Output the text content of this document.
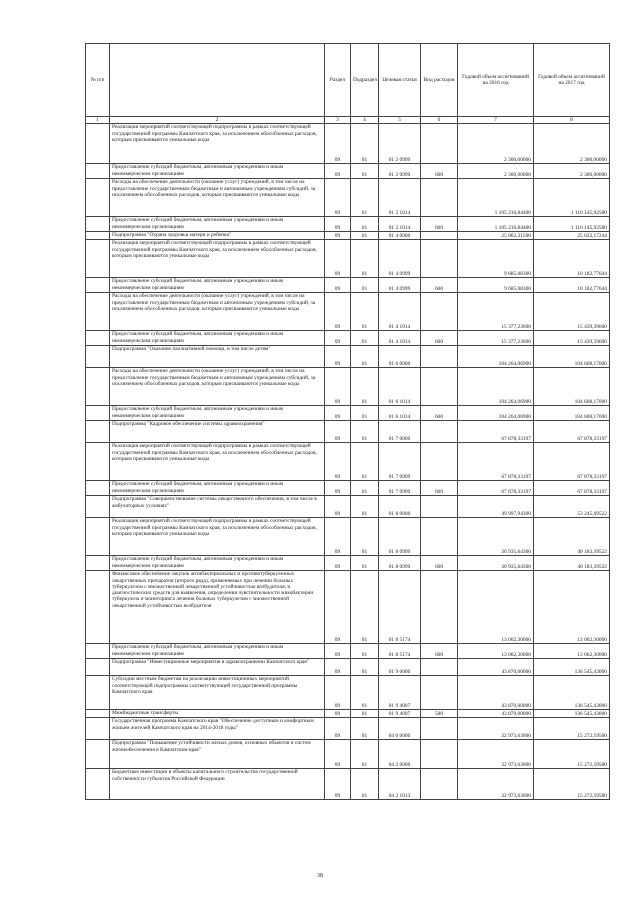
№ п/п		Раздел	Подраздел	Целевая статья	Вид расходов	Годовой объем ассигнований на 2016 год	Годовой объем ассигнований на 2017 год
1	2	3	4	5	6	7	8
	Реализация мероприятий соответствующей подпрограммы в рамках соответствующей государственной программы Камчатского края, за исключением обособленных расходов, которым присваиваются уникальные коды	09	01	01 2 0999		2 300,00000	2 300,00000
	Предоставление субсидий бюджетным, автономным учреждениям и иным некоммерческим организациям	09	01	01 2 0999	600	2 300,00000	2 300,00000
	Расходы на обеспечение деятельности (оказание услуг) учреждений, в том числе на предоставление государственным бюджетным и автономным учреждениям субсидий, за исключением обособленных расходов, которым присваиваются уникальные коды	09	01	01 2 1014		1 105 216,84400	1 110 145,92500
	Предоставление субсидий бюджетным, автономным учреждениям и иным некоммерческим организациям	09	01	01 2 1014	600	1 105 216,84400	1 110 145,92500
	Подпрограмма "Охрана здоровья матери и ребенка"	09	01	01 4 0000		25 062,31500	25 622,17244
	Реализация мероприятий соответствующей подпрограммы в рамках соответствующей государственной программы Камчатского края, за исключением обособленных расходов, которым присваиваются уникальные коды	09	01	01 4 0999		9 685,08300	10 182,77644
	Предоставление субсидий бюджетным, автономным учреждениям и иным некоммерческим организациям	09	01	01 4 0999	600	9 685,08300	10 182,77644
	Расходы на обеспечение деятельности (оказание услуг) учреждений, в том числе на предоставление государственным бюджетным и автономным учреждениям субсидий, за исключением обособленных расходов, которым присваиваются уникальные коды	09	01	01 4 1014		15 377,23600	15 439,39600
	Предоставление субсидий бюджетным, автономным учреждениям и иным некоммерческим организациям	09	01	01 4 1014	600	15 377,23600	15 439,39600
	Подпрограмма "Оказание паллиативной помощи, в том числе детям"	09	01	01 6 0000		104 264,06900	104 608,17000
	Расходы на обеспечение деятельности (оказание услуг) учреждений, в том числе на предоставление государственным бюджетным и автономным учреждениям субсидий, за исключением обособленных расходов, которым присваиваются уникальные коды	09	01	01 6 1014		104 264,06900	104 608,17000
	Предоставление субсидий бюджетным, автономным учреждениям и иным некоммерческим организациям	09	01	01 6 1014	600	104 264,06900	104 608,17000
	Подпрограмма "Кадровое обеспечение системы здравоохранения"	09	01	01 7 0000		67 878,33197	67 878,33197
	Реализация мероприятий соответствующей подпрограммы в рамках соответствующей государственной программы Камчатского края, за исключением обособленных расходов, которым присваиваются уникальные коды	09	01	01 7 0999		67 878,33197	67 878,33197
	Предоставление субсидий бюджетным, автономным учреждениям и иным некоммерческим организациям	09	01	01 7 0999	600	67 878,33197	67 878,33197
	Подпрограмма "Совершенствование системы лекарственного обеспечения, в том числе в амбулаторных условиях"	09	01	01 8 0000		49 997,94300	53 245,69522
	Реализация мероприятий соответствующей подпрограммы в рамках соответствующей государственной программы Камчатского края, за исключением обособленных расходов, которым присваиваются уникальные коды	09	01	01 8 0999		36 935,64300	40 183,39522
	Предоставление субсидий бюджетным, автономным учреждениям и иным некоммерческим организациям	09	01	01 8 0999	600	36 935,64300	40 183,39522
	Финансовое обеспечение закупок антибактериальных и противотуберкулезных лекарственных препаратов (второго ряда), применяемых при лечении больных туберкулезом с множественной лекарственной устойчивостью возбудителя, и диагностических средств для выявления, определения чувствительности микобактерии туберкулеза и мониторинга лечения больных туберкулезом с множественной лекарственной устойчивостью возбудителя	09	01	01 8 5174		13 062,30000	13 062,30000
	Предоставление субсидий бюджетным, автономным учреждениям и иным некоммерческим организациям	09	01	01 8 5174	600	13 062,30000	13 062,30000
	Подпрограмма "Инвестиционные мероприятия в здравоохранении Камчатского края"	09	01	01 9 0000		43 870,00000	136 545,43000
	Субсидии местным бюджетам на реализацию инвестиционных мероприятий соответствующей подпрограммы соответствующей государственной программы Камчатского края	09	01	01 9 4007		43 870,00000	136 545,43000
	Межбюджетные трансферты	09	01	01 9 4007	500	43 870,00000	136 545,43000
	Государственная программа Камчатского края "Обеспечение доступным и комфортным жильем жителей Камчатского края на 2014-2018 годы"	09	01	04 0 0000		32 973,63000	15 272,59500
	Подпрограмма "Повышение устойчивости жилых домов, основных объектов и систем жизнеобеспечения в Камчатском крае"	09	01	04 2 0000		32 973,63000	15 272,59500
	Бюджетные инвестиции в объекты капитального строительства государственной собственности субъектов Российской Федерации	09	01	04 2 1013		32 973,63000	15 272,59500
38
